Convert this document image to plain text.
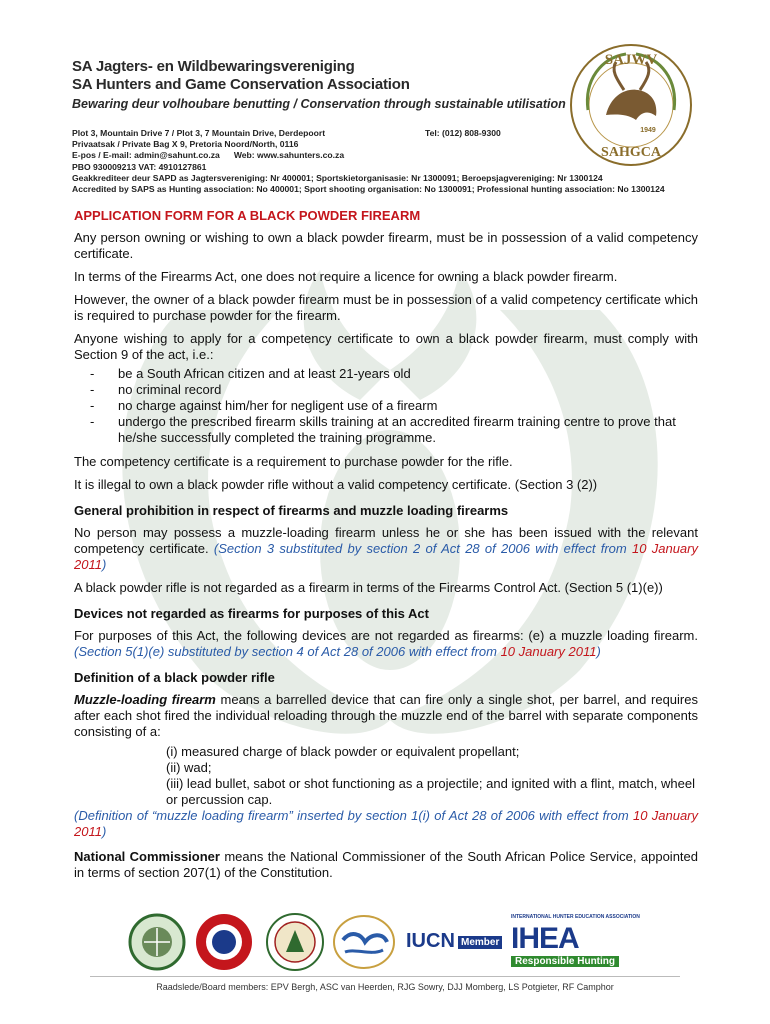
SA Jagters- en Wildbewaringsvereniging
SA Hunters and Game Conservation Association
Bewaring deur volhoubare benutting / Conservation through sustainable utilisation
Plot 3, Mountain Drive 7 / Plot 3, 7 Mountain Drive, Derdepoort
Privaatsak / Private Bag X 9, Pretoria Noord/North, 0116
E-pos / E-mail: admin@sahunt.co.za Web: www.sahunters.co.za
PBO 930009213 VAT: 4910127861
Geakkrediteer deur SAPD as Jagtersvereniging: Nr 400001; Sportskietorganisasie: Nr 1300091; Beroepsjagvereniging: Nr 1300124
Accredited by SAPS as Hunting association: No 400001; Sport shooting organisation: No 1300091; Professional hunting association: No 1300124
Tel: (012) 808-9300
SAJWV
1949
SAHGCA
APPLICATION FORM FOR A BLACK POWDER FIREARM

Any person owning or wishing to own a black powder firearm, must be in possession of a valid competency certificate.

In terms of the Firearms Act, one does not require a licence for owning a black powder firearm.

However, the owner of a black powder firearm must be in possession of a valid competency certificate which is required to purchase powder for the firearm.

Anyone wishing to apply for a competency certificate to own a black powder firearm, must comply with Section 9 of the act, i.e.:

- be a South African citizen and at least 21-years old
- no criminal record
- no charge against him/her for negligent use of a firearm
- undergo the prescribed firearm skills training at an accredited firearm training centre to prove that he/she successfully completed the training programme.

The competency certificate is a requirement to purchase powder for the rifle.

It is illegal to own a black powder rifle without a valid competency certificate. (Section 3 (2))

General prohibition in respect of firearms and muzzle loading firearms

No person may possess a muzzle-loading firearm unless he or she has been issued with the relevant competency certificate. (Section 3 substituted by section 2 of Act 28 of 2006 with effect from 10 January 2011)

A black powder rifle is not regarded as a firearm in terms of the Firearms Control Act. (Section 5 (1)(e))

Devices not regarded as firearms for purposes of this Act

For purposes of this Act, the following devices are not regarded as firearms: (e) a muzzle loading firearm. (Section 5(1)(e) substituted by section 4 of Act 28 of 2006 with effect from 10 January 2011)

Definition of a black powder rifle

Muzzle-loading firearm means a barrelled device that can fire only a single shot, per barrel, and requires after each shot fired the individual reloading through the muzzle end of the barrel with separate components consisting of a:

(i) measured charge of black powder or equivalent propellant;
(ii) wad;
(iii) lead bullet, sabot or shot functioning as a projectile; and ignited with a flint, match, wheel or percussion cap.

(Definition of “muzzle loading firearm” inserted by section 1(i) of Act 28 of 2006 with effect from 10 January 2011)

National Commissioner means the National Commissioner of the South African Police Service, appointed in terms of section 207(1) of the Constitution.

IUCN Member
INTERNATIONAL HUNTER EDUCATION ASSOCIATION
IHEA
Responsible Hunting
Raadslede/Board members: EPV Bergh, ASC van Heerden, RJG Sowry, DJJ Momberg, LS Potgieter, RF Camphor
